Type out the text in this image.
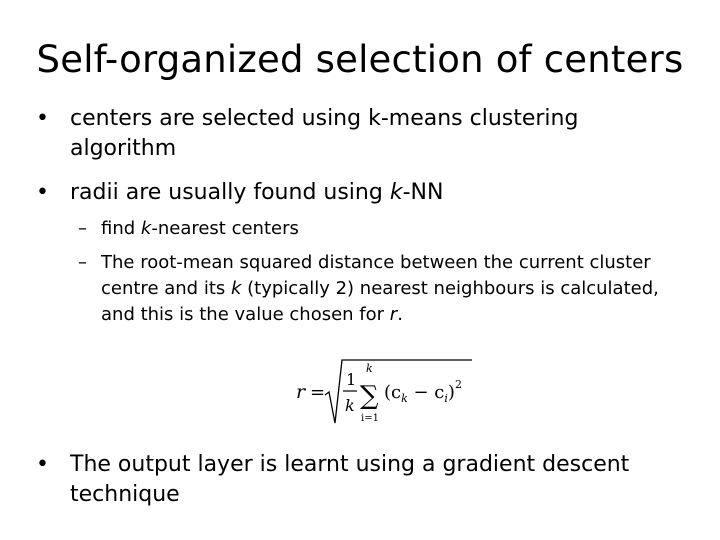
Self-organized selection of centers
• centers are selected using k-means clustering algorithm
• radii are usually found using k-NN
– find k-nearest centers
– The root-mean squared distance between the current cluster centre and its k (typically 2) nearest neighbours is calculated, and this is the value chosen for r.
r =
1
k
k
∑
i=1
$(c_k - c_i)^2$
• The output layer is learnt using a gradient descent technique
